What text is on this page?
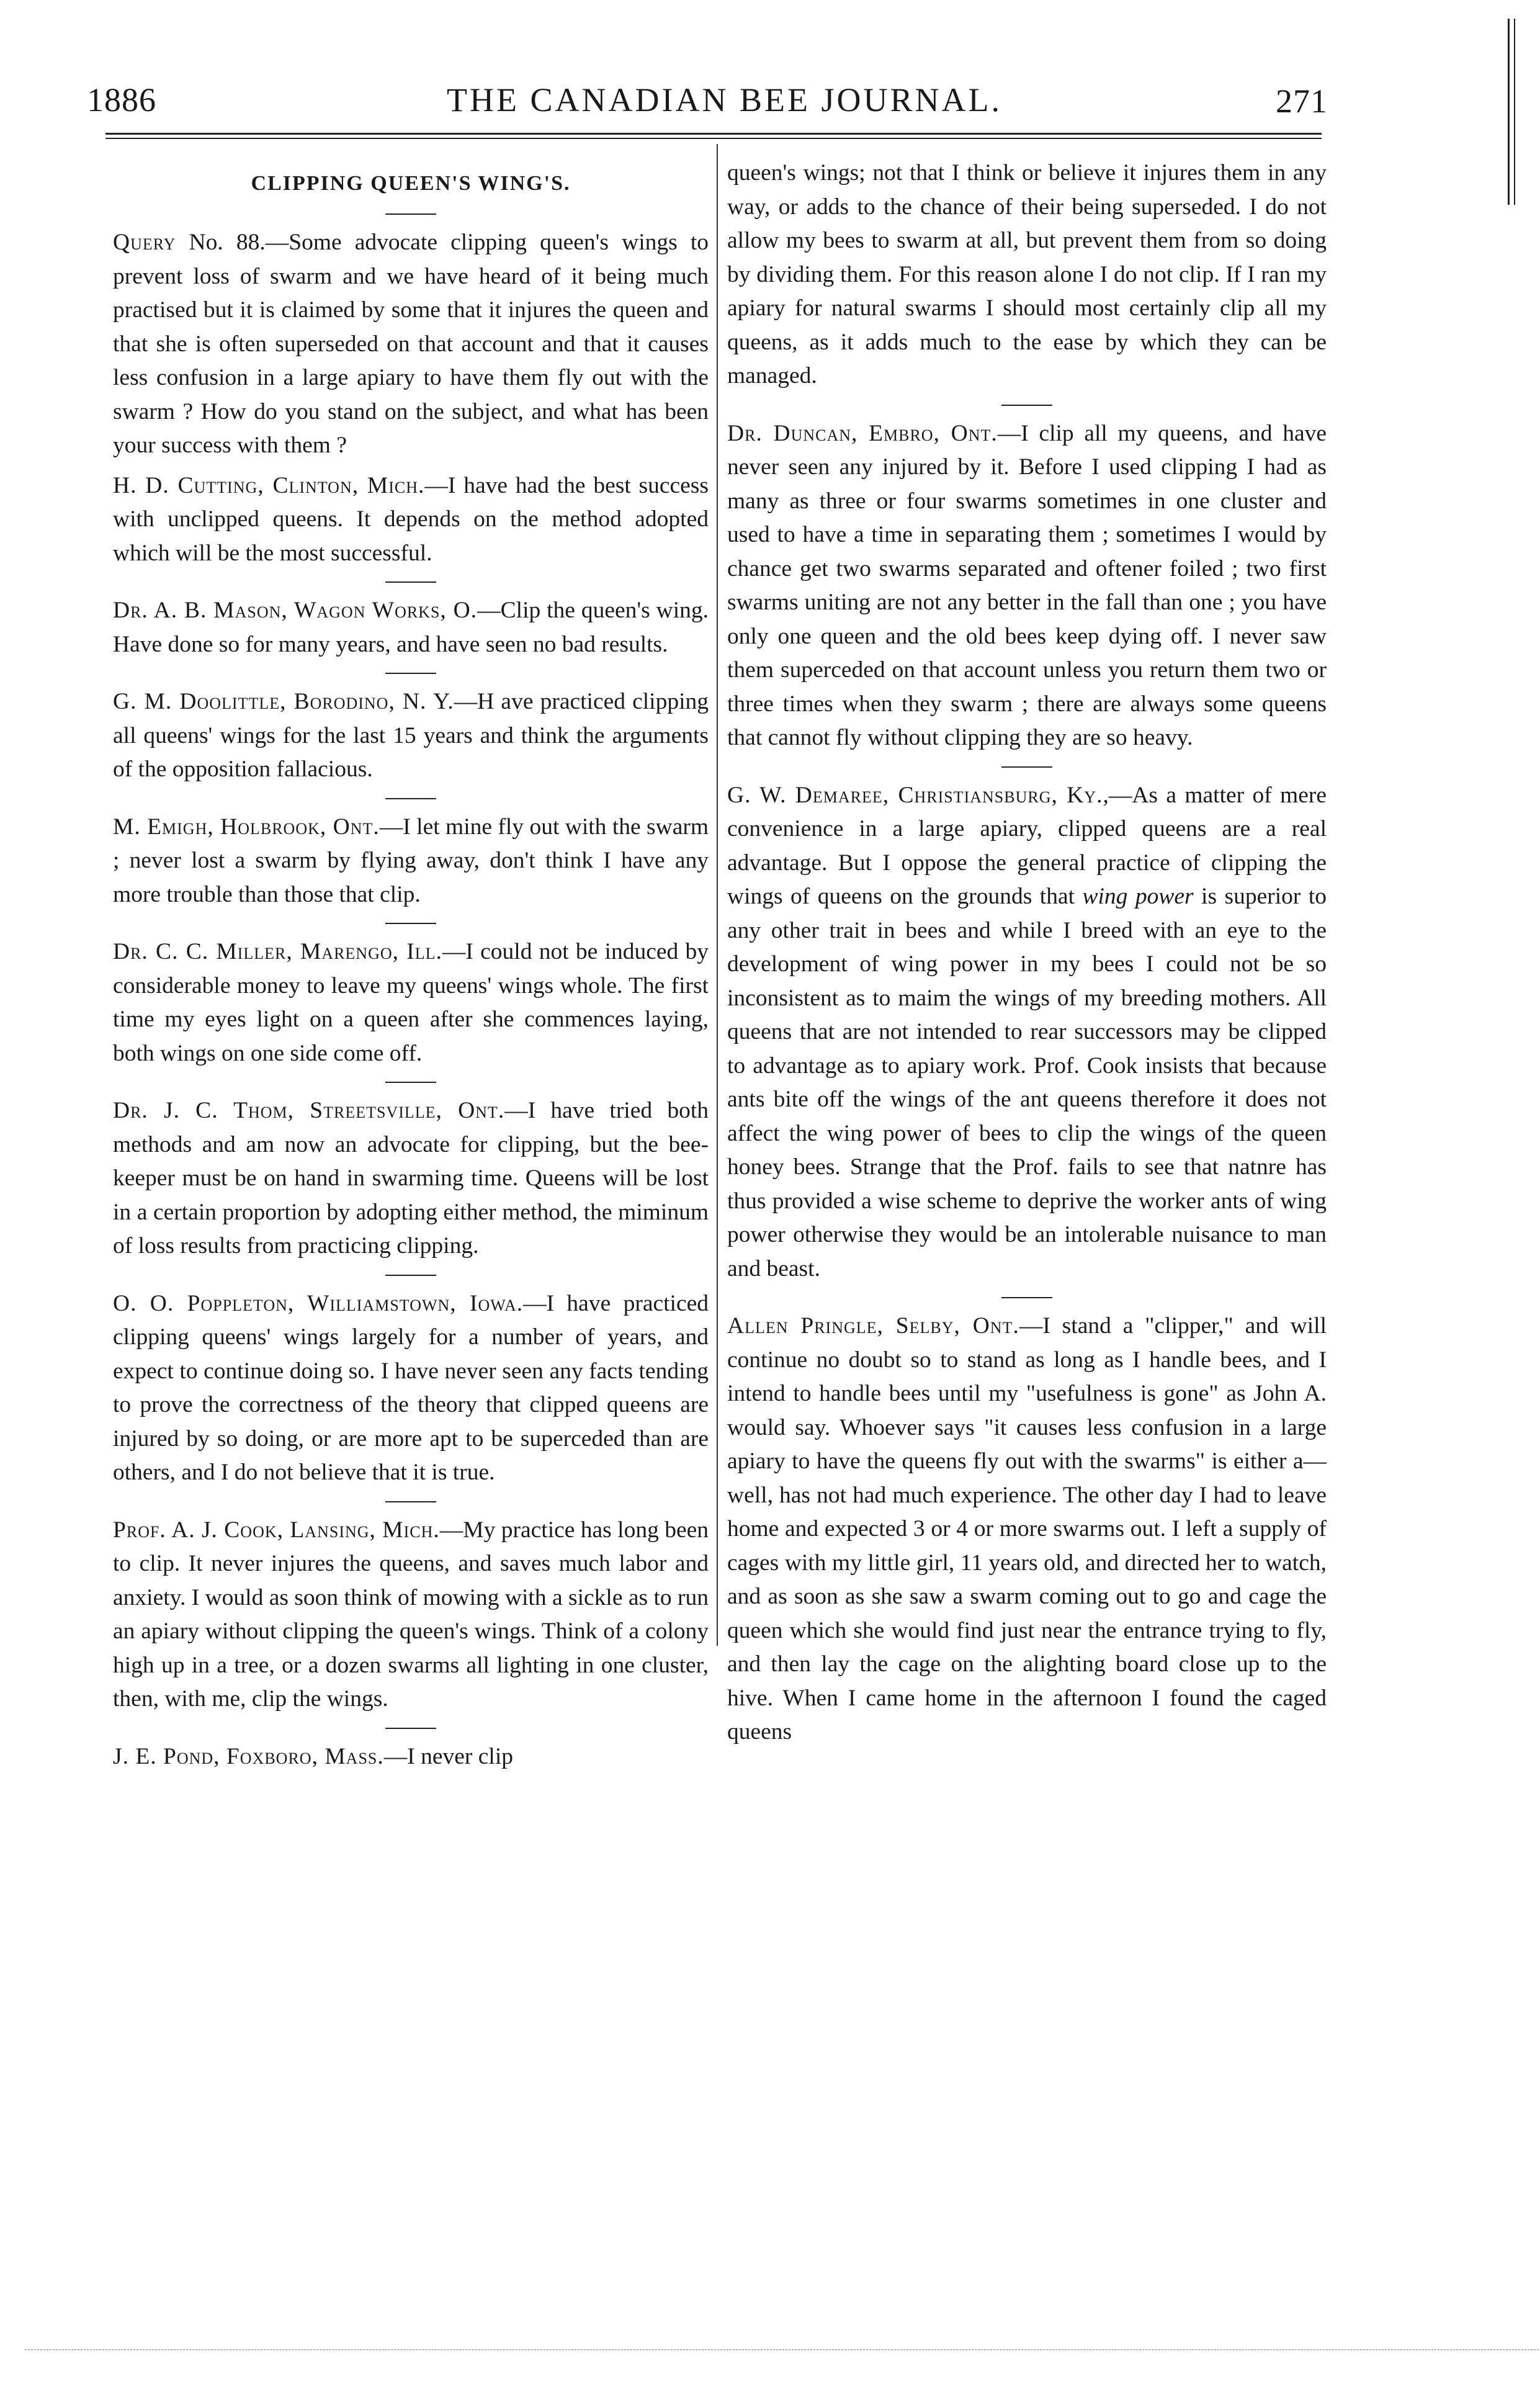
1886	THE CANADIAN BEE JOURNAL.	271
CLIPPING QUEEN'S WING'S.

Query No. 88.—Some advocate clipping queen's wings to prevent loss of swarm and we have heard of it being much practised but it is claimed by some that it injures the queen and that she is often superseded on that account and that it causes less confusion in a large apiary to have them fly out with the swarm ? How do you stand on the subject, and what has been your success with them ?

H. D. Cutting, Clinton, Mich.—I have had the best success with unclipped queens. It depends on the method adopted which will be the most successful.

Dr. A. B. Mason, Wagon Works, O.—Clip the queen's wing. Have done so for many years, and have seen no bad results.

G. M. Doolittle, Borodino, N. Y.—H ave practiced clipping all queens' wings for the last 15 years and think the arguments of the opposition fallacious.

M. Emigh, Holbrook, Ont.—I let mine fly out with the swarm ; never lost a swarm by flying away, don't think I have any more trouble than those that clip.

Dr. C. C. Miller, Marengo, Ill.—I could not be induced by considerable money to leave my queens' wings whole. The first time my eyes light on a queen after she commences laying, both wings on one side come off.

Dr. J. C. Thom, Streetsville, Ont.—I have tried both methods and am now an advocate for clipping, but the bee-keeper must be on hand in swarming time. Queens will be lost in a certain proportion by adopting either method, the miminum of loss results from practicing clipping.

O. O. Poppleton, Williamstown, Iowa.—I have practiced clipping queens' wings largely for a number of years, and expect to continue doing so. I have never seen any facts tending to prove the correctness of the theory that clipped queens are injured by so doing, or are more apt to be superceded than are others, and I do not believe that it is true.

Prof. A. J. Cook, Lansing, Mich.—My practice has long been to clip. It never injures the queens, and saves much labor and anxiety. I would as soon think of mowing with a sickle as to run an apiary without clipping the queen's wings. Think of a colony high up in a tree, or a dozen swarms all lighting in one cluster, then, with me, clip the wings.

J. E. Pond, Foxboro, Mass.—I never clip

queen's wings; not that I think or believe it injures them in any way, or adds to the chance of their being superseded. I do not allow my bees to swarm at all, but prevent them from so doing by dividing them. For this reason alone I do not clip. If I ran my apiary for natural swarms I should most certainly clip all my queens, as it adds much to the ease by which they can be managed.

Dr. Duncan, Embro, Ont.—I clip all my queens, and have never seen any injured by it. Before I used clipping I had as many as three or four swarms sometimes in one cluster and used to have a time in separating them ; sometimes I would by chance get two swarms separated and oftener foiled ; two first swarms uniting are not any better in the fall than one ; you have only one queen and the old bees keep dying off. I never saw them superceded on that account unless you return them two or three times when they swarm ; there are always some queens that cannot fly without clipping they are so heavy.

G. W. Demaree, Christiansburg, Ky.,—As a matter of mere convenience in a large apiary, clipped queens are a real advantage. But I oppose the general practice of clipping the wings of queens on the grounds that wing power is superior to any other trait in bees and while I breed with an eye to the development of wing power in my bees I could not be so inconsistent as to maim the wings of my breeding mothers. All queens that are not intended to rear successors may be clipped to advantage as to apiary work. Prof. Cook insists that because ants bite off the wings of the ant queens therefore it does not affect the wing power of bees to clip the wings of the queen honey bees. Strange that the Prof. fails to see that natnre has thus provided a wise scheme to deprive the worker ants of wing power otherwise they would be an intolerable nuisance to man and beast.

Allen Pringle, Selby, Ont.—I stand a "clipper," and will continue no doubt so to stand as long as I handle bees, and I intend to handle bees until my "usefulness is gone" as John A. would say. Whoever says "it causes less confusion in a large apiary to have the queens fly out with the swarms" is either a— well, has not had much experience. The other day I had to leave home and expected 3 or 4 or more swarms out. I left a supply of cages with my little girl, 11 years old, and directed her to watch, and as soon as she saw a swarm coming out to go and cage the queen which she would find just near the entrance trying to fly, and then lay the cage on the alighting board close up to the hive. When I came home in the afternoon I found the caged queens
